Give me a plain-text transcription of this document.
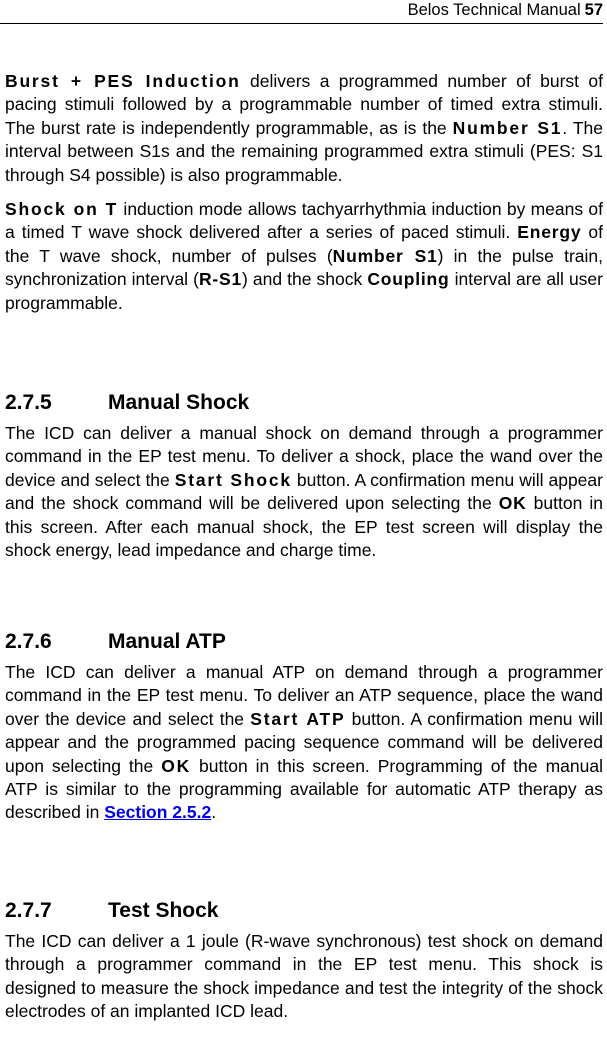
Belos Technical Manual 57

Burst + PES Induction delivers a programmed number of burst of pacing stimuli followed by a programmable number of timed extra stimuli. The burst rate is independently programmable, as is the Number S1. The interval between S1s and the remaining programmed extra stimuli (PES: S1 through S4 possible) is also programmable.

Shock on T induction mode allows tachyarrhythmia induction by means of a timed T wave shock delivered after a series of paced stimuli. Energy of the T wave shock, number of pulses (Number S1) in the pulse train, synchronization interval (R-S1) and the shock Coupling interval are all user programmable.

2.7.5	Manual Shock

The ICD can deliver a manual shock on demand through a programmer command in the EP test menu. To deliver a shock, place the wand over the device and select the Start Shock button. A confirmation menu will appear and the shock command will be delivered upon selecting the OK button in this screen. After each manual shock, the EP test screen will display the shock energy, lead impedance and charge time.

2.7.6	Manual ATP

The ICD can deliver a manual ATP on demand through a programmer command in the EP test menu. To deliver an ATP sequence, place the wand over the device and select the Start ATP button. A confirmation menu will appear and the programmed pacing sequence command will be delivered upon selecting the OK button in this screen. Programming of the manual ATP is similar to the programming available for automatic ATP therapy as described in Section 2.5.2.

2.7.7	Test Shock

The ICD can deliver a 1 joule (R-wave synchronous) test shock on demand through a programmer command in the EP test menu. This shock is designed to measure the shock impedance and test the integrity of the shock electrodes of an implanted ICD lead.
